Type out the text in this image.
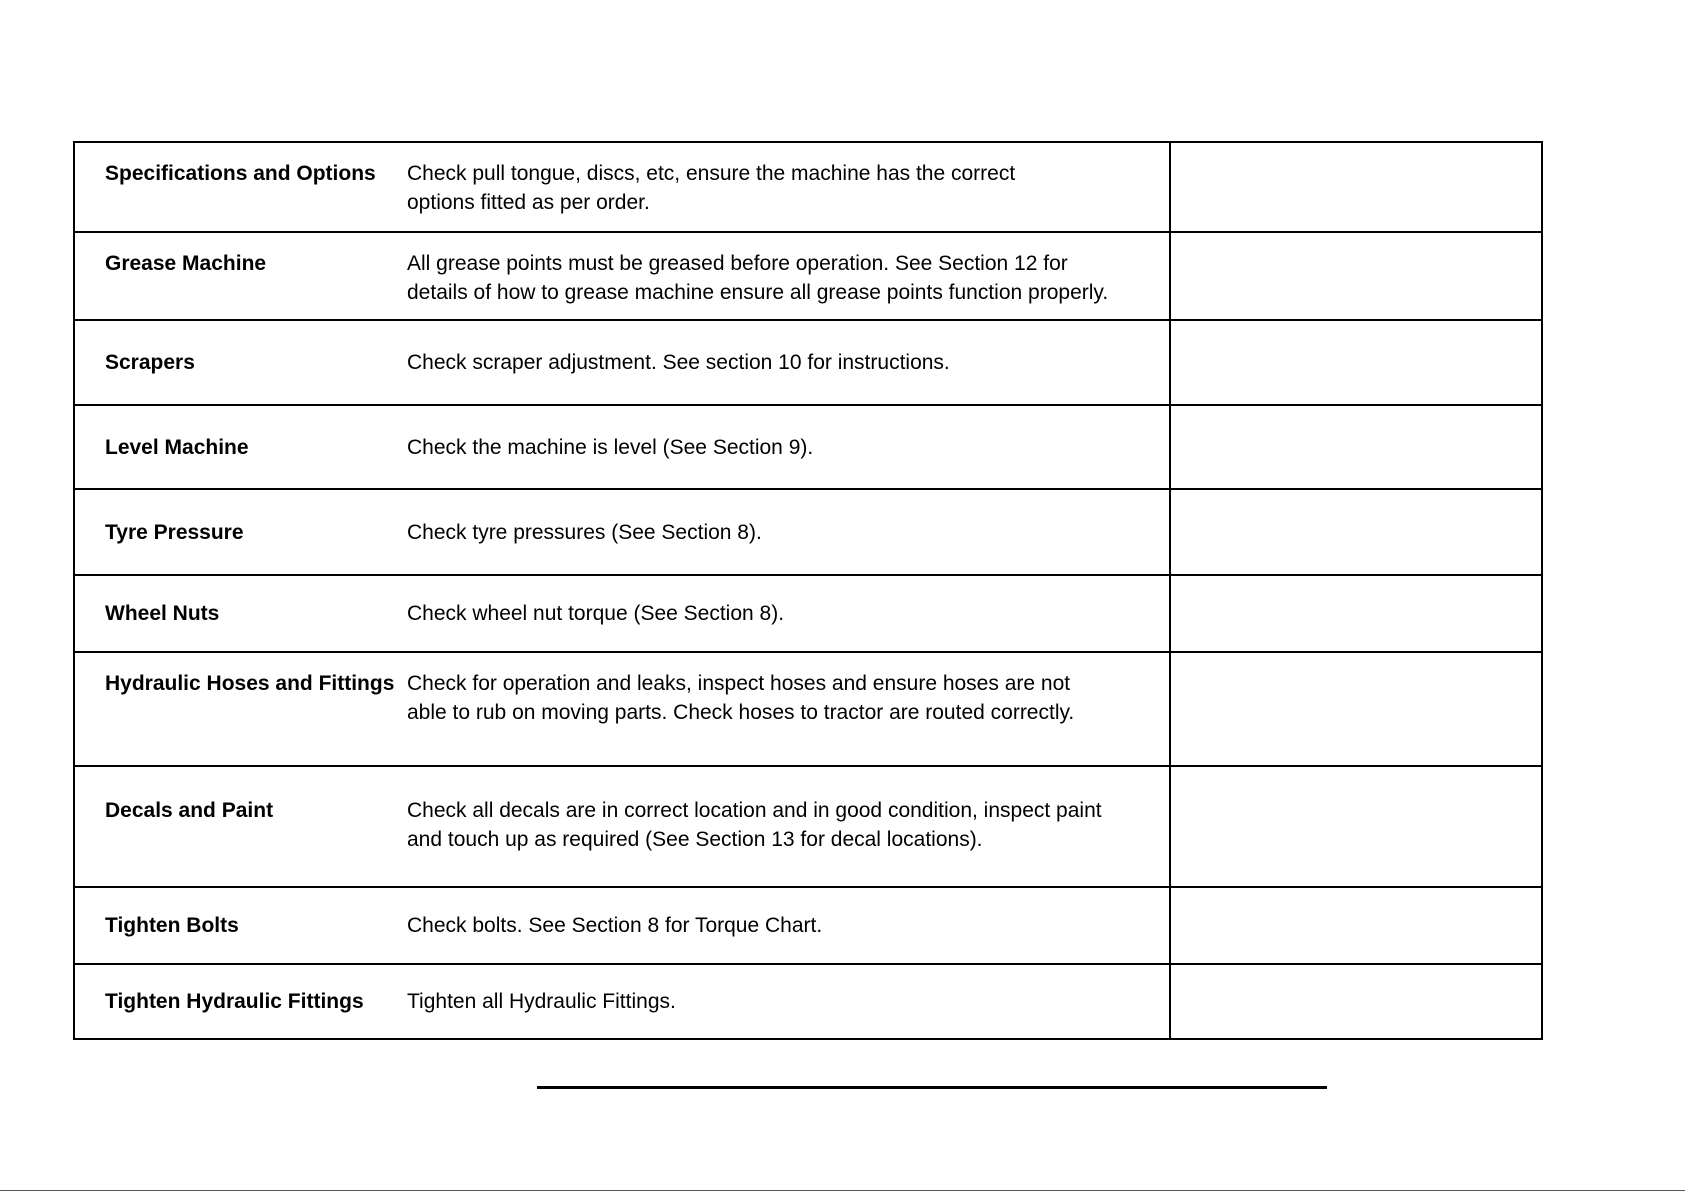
Specifications and Options	Check pull tongue, discs, etc, ensure the machine has the correct
options fitted as per order.
Grease Machine	All grease points must be greased before operation. See Section 12 for
details of how to grease machine ensure all grease points function properly.
Scrapers	Check scraper adjustment. See section 10 for instructions.
Level Machine	Check the machine is level (See Section 9).
Tyre Pressure	Check tyre pressures (See Section 8).
Wheel Nuts	Check wheel nut torque (See Section 8).
Hydraulic Hoses and Fittings Check for operation and leaks, inspect hoses and ensure hoses are not
able to rub on moving parts. Check hoses to tractor are routed correctly.
Decals and Paint	Check all decals are in correct location and in good condition, inspect paint
and touch up as required (See Section 13 for decal locations).
Tighten Bolts	Check bolts. See Section 8 for Torque Chart.
Tighten Hydraulic Fittings	Tighten all Hydraulic Fittings.
